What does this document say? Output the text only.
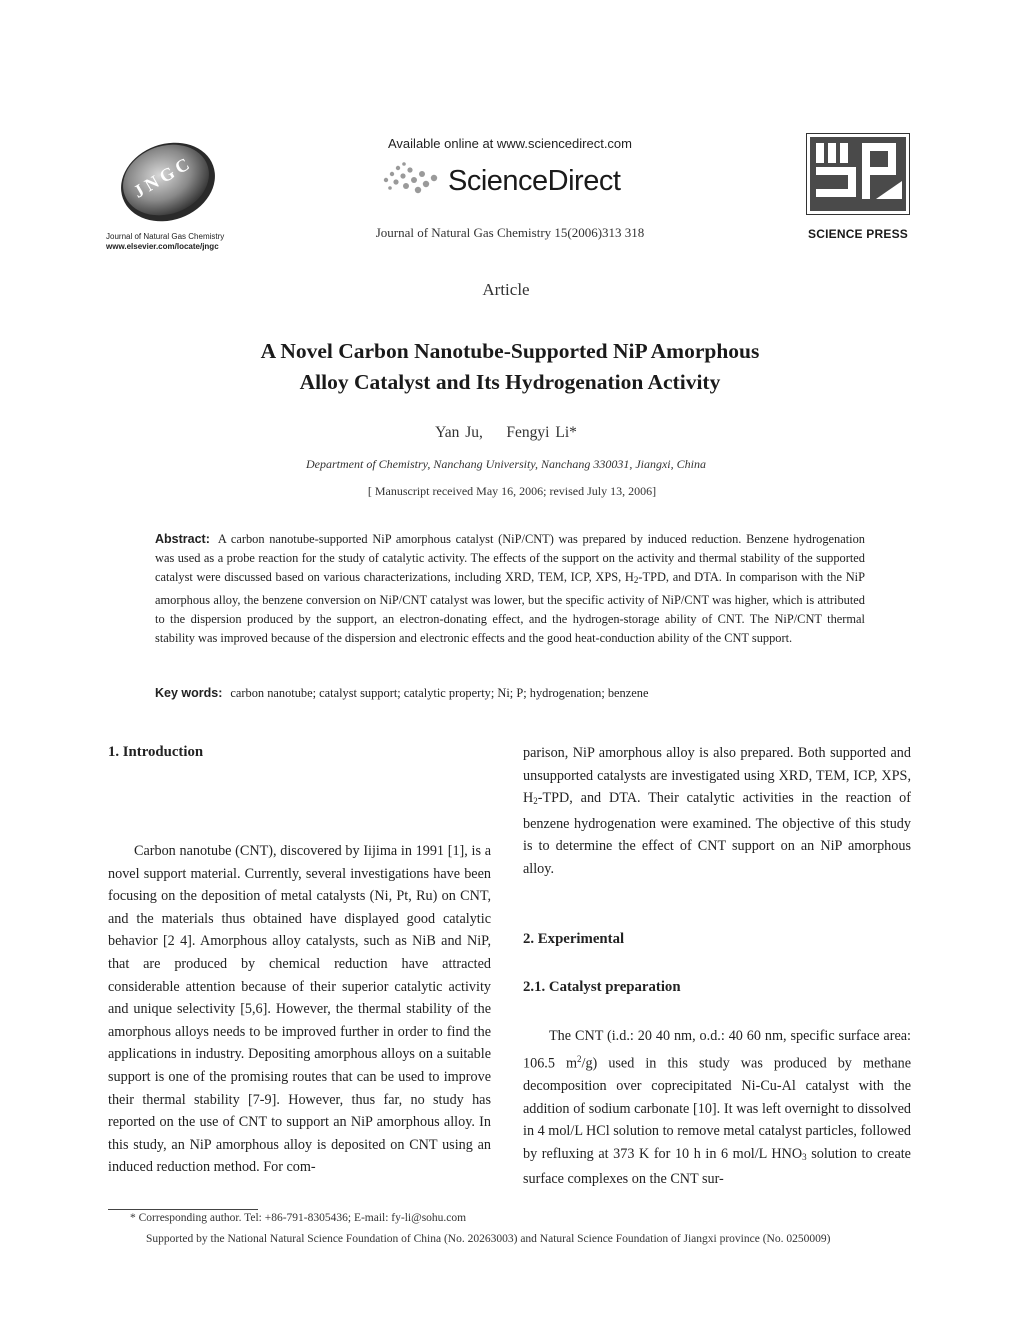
JNGC
Journal of Natural Gas Chemistry
www.elsevier.com/locate/jngc
Available online at www.sciencedirect.com
ScienceDirect
Journal of Natural Gas Chemistry 15(2006)313 318	SCIENCE PRESS
Article
A Novel Carbon Nanotube-Supported NiP Amorphous
Alloy Catalyst and Its Hydrogenation Activity
Yan Ju,    Fengyi Li*
Department of Chemistry, Nanchang University, Nanchang 330031, Jiangxi, China
[ Manuscript received May 16, 2006; revised July 13, 2006]
Abstract: A carbon nanotube-supported NiP amorphous catalyst (NiP/CNT) was prepared by induced reduction. Benzene hydrogenation was used as a probe reaction for the study of catalytic activity. The effects of the support on the activity and thermal stability of the supported catalyst were discussed based on various characterizations, including XRD, TEM, ICP, XPS, $H_2$-TPD, and DTA. In comparison with the NiP amorphous alloy, the benzene conversion on NiP/CNT catalyst was lower, but the specific activity of NiP/CNT was higher, which is attributed to the dispersion produced by the support, an electron-donating effect, and the hydrogen-storage ability of CNT. The NiP/CNT thermal stability was improved because of the dispersion and electronic effects and the good heat-conduction ability of the CNT support.
Key words: carbon nanotube; catalyst support; catalytic property; Ni; P; hydrogenation; benzene
1. Introduction
Carbon nanotube (CNT), discovered by Iijima in 1991 [1], is a novel support material. Currently, several investigations have been focusing on the deposition of metal catalysts (Ni, Pt, Ru) on CNT, and the materials thus obtained have displayed good catalytic behavior [2 4]. Amorphous alloy catalysts, such as NiB and NiP, that are produced by chemical reduction have attracted considerable attention because of their superior catalytic activity and unique selectivity [5,6]. However, the thermal stability of the amorphous alloys needs to be improved further in order to find the applications in industry. Depositing amorphous alloys on a suitable support is one of the promising routes that can be used to improve their thermal stability [7-9]. However, thus far, no study has reported on the use of CNT to support an NiP amorphous alloy. In this study, an NiP amorphous alloy is deposited on CNT using an induced reduction method. For com-
parison, NiP amorphous alloy is also prepared. Both supported and unsupported catalysts are investigated using XRD, TEM, ICP, XPS, $H_2$-TPD, and DTA. Their catalytic activities in the reaction of benzene hydrogenation were examined. The objective of this study is to determine the effect of CNT support on an NiP amorphous alloy.
2. Experimental
2.1. Catalyst preparation
The CNT (i.d.: 20 40 nm, o.d.: 40 60 nm, specific surface area: 106.5 $m^2/g$) used in this study was produced by methane decomposition over coprecipitated Ni-Cu-Al catalyst with the addition of sodium carbonate [10]. It was left overnight to dissolved in 4 mol/L HCl solution to remove metal catalyst particles, followed by refluxing at 373 K for 10 h in 6 mol/L $HNO_3$ solution to create surface complexes on the CNT sur-
* Corresponding author. Tel: +86-791-8305436; E-mail: fy-li@sohu.com
Supported by the National Natural Science Foundation of China (No. 20263003) and Natural Science Foundation of Jiangxi province (No. 0250009)
